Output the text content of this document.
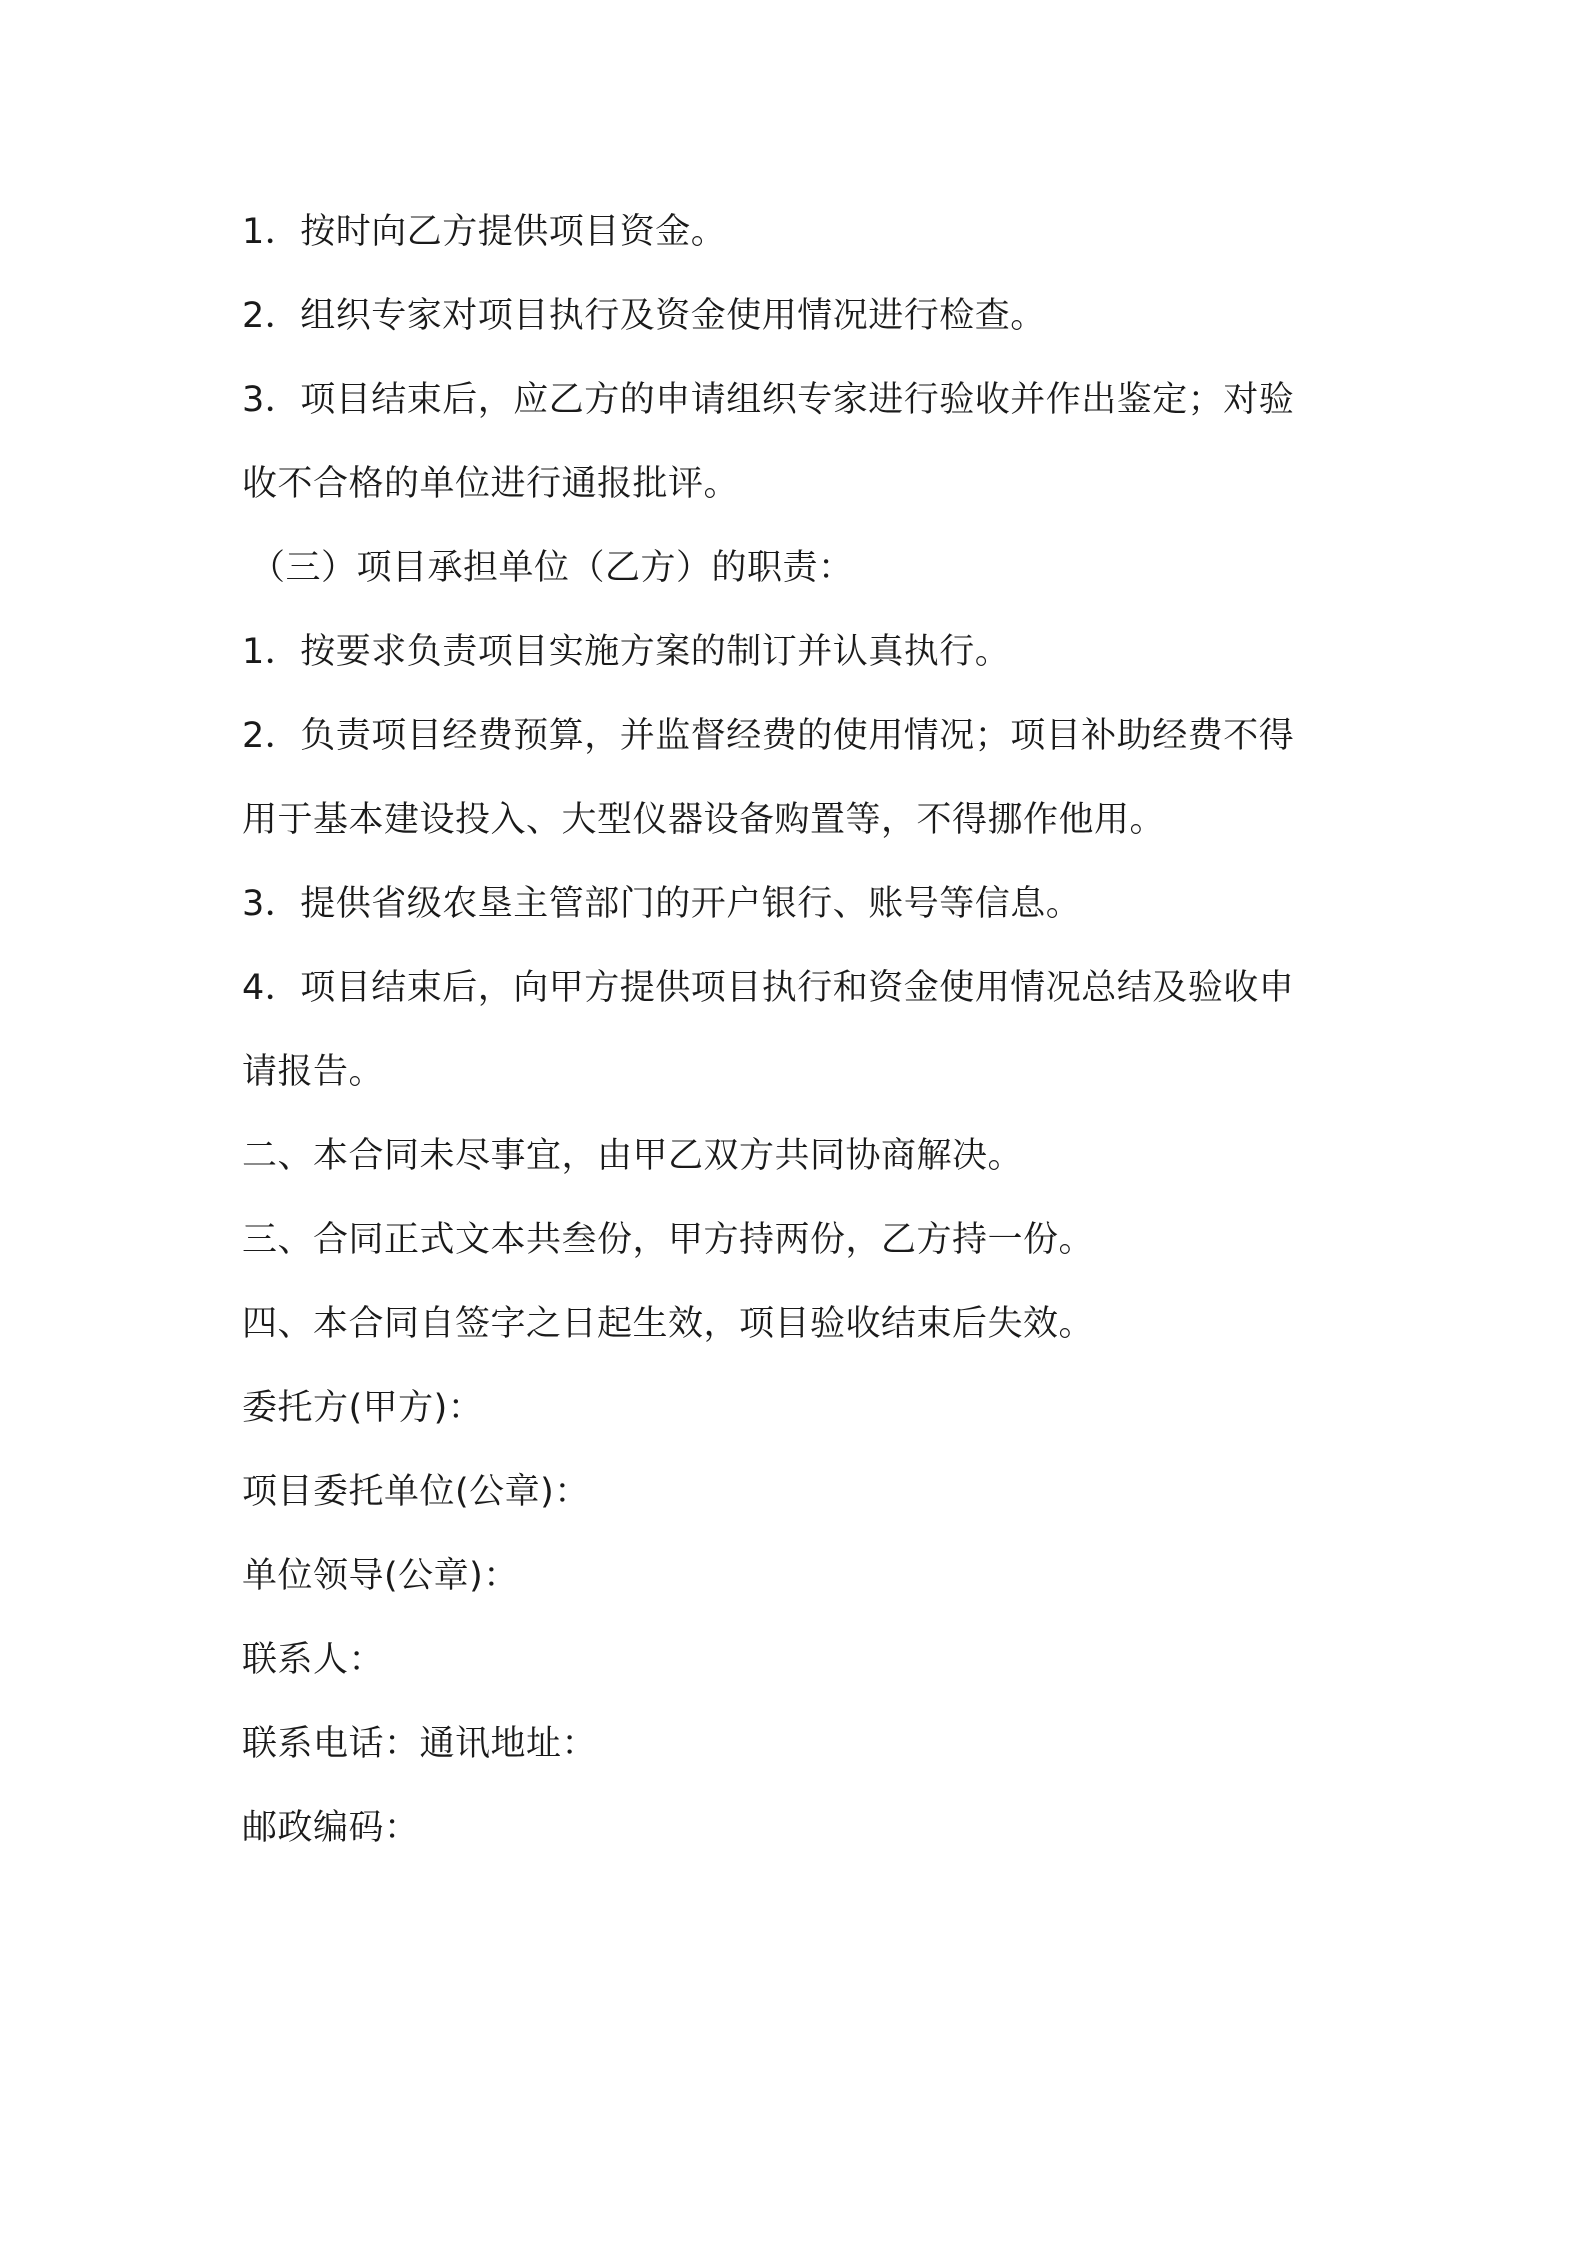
1．按时向乙方提供项目资金。
2．组织专家对项目执行及资金使用情况进行检查。
3．项目结束后，应乙方的申请组织专家进行验收并作出鉴定；对验
收不合格的单位进行通报批评。
（三）项目承担单位（乙方）的职责：
1．按要求负责项目实施方案的制订并认真执行。
2．负责项目经费预算，并监督经费的使用情况；项目补助经费不得
用于基本建设投入、大型仪器设备购置等，不得挪作他用。
3．提供省级农垦主管部门的开户银行、账号等信息。
4．项目结束后，向甲方提供项目执行和资金使用情况总结及验收申
请报告。
二、本合同未尽事宜，由甲乙双方共同协商解决。
三、合同正式文本共叁份，甲方持两份，乙方持一份。
四、本合同自签字之日起生效，项目验收结束后失效。
委托方(甲方)：
项目委托单位(公章)：
单位领导(公章)：
联系人：
联系电话：通讯地址：
邮政编码：
